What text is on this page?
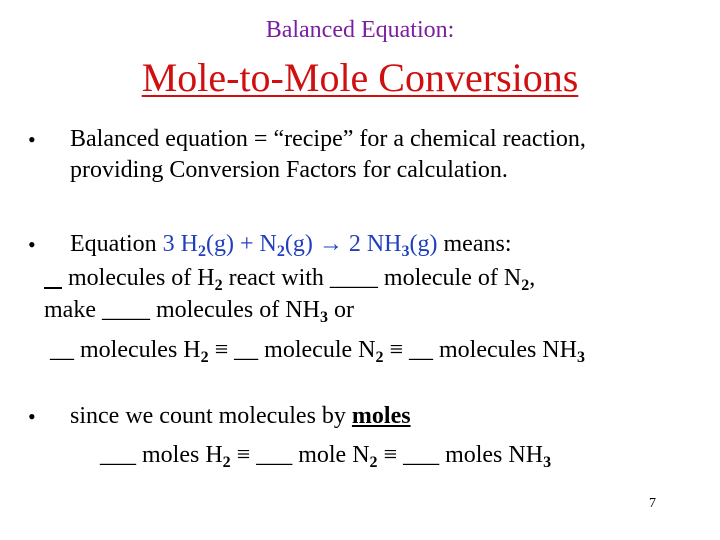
Balanced Equation:
Mole-to-Mole Conversions
• Balanced equation = “recipe” for a chemical reaction,
providing Conversion Factors for calculation.
• Equation 3 $H_2(g) + N_2(g) \to 2$ $NH_3(g)$ means:
molecules of $H_2$ react with ____ molecule of $N_2$,
make ____ molecules of $NH_3$ or
__ molecules $H_2$ ≡ __ molecule $N_2$ ≡ __ molecules $NH_3$
• since we count molecules by moles
___ moles $H_2$ ≡ ___ mole $N_2$ ≡ ___ moles $NH_3$
7
